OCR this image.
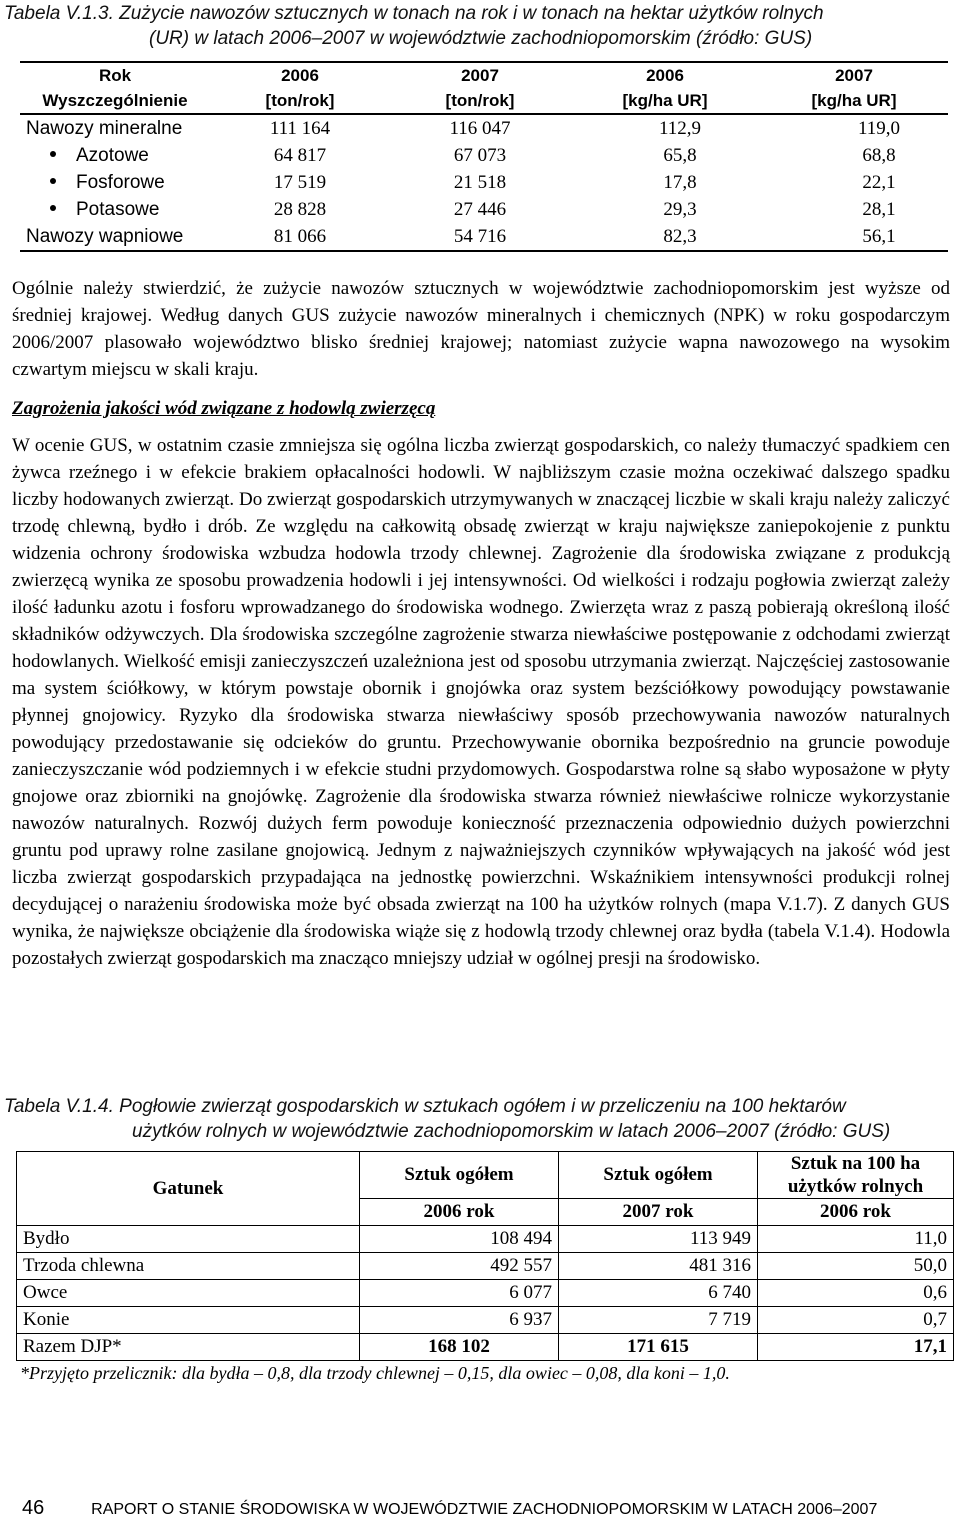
Tabela V.1.3. Zużycie nawozów sztucznych w tonach na rok i w tonach na hektar użytków rolnych
(UR) w latach 2006–2007 w województwie zachodniopomorskim (źródło: GUS)
Rok	2006	2007	2006	2007
Wyszczególnienie	[ton/rok]	[ton/rok]	[kg/ha UR]	[kg/ha UR]
Nawozy mineralne	111 164	116 047	112,9	119,0
Azotowe	64 817	67 073	65,8	68,8
Fosforowe	17 519	21 518	17,8	22,1
Potasowe	28 828	27 446	29,3	28,1
Nawozy wapniowe	81 066	54 716	82,3	56,1
Ogólnie należy stwierdzić, że zużycie nawozów sztucznych w województwie zachodniopomorskim jest wyższe od średniej krajowej. Według danych GUS zużycie nawozów mineralnych i chemicznych (NPK) w roku gospodarczym 2006/2007 plasowało województwo blisko średniej krajowej; natomiast zużycie wapna nawozowego na wysokim czwartym miejscu w skali kraju.
Zagrożenia jakości wód związane z hodowlą zwierzęcą
W ocenie GUS, w ostatnim czasie zmniejsza się ogólna liczba zwierząt gospodarskich, co należy tłumaczyć spadkiem cen żywca rzeźnego i w efekcie brakiem opłacalności hodowli. W najbliższym czasie można oczekiwać dalszego spadku liczby hodowanych zwierząt. Do zwierząt gospodarskich utrzymywanych w znaczącej liczbie w skali kraju należy zaliczyć trzodę chlewną, bydło i drób. Ze względu na całkowitą obsadę zwierząt w kraju największe zaniepokojenie z punktu widzenia ochrony środowiska wzbudza hodowla trzody chlewnej. Zagrożenie dla środowiska związane z produkcją zwierzęcą wynika ze sposobu prowadzenia hodowli i jej intensywności. Od wielkości i rodzaju pogłowia zwierząt zależy ilość ładunku azotu i fosforu wprowadzanego do środowiska wodnego. Zwierzęta wraz z paszą pobierają określoną ilość składników odżywczych. Dla środowiska szczególne zagrożenie stwarza niewłaściwe postępowanie z odchodami zwierząt hodowlanych. Wielkość emisji zanieczyszczeń uzależniona jest od sposobu utrzymania zwierząt. Najczęściej zastosowanie ma system ściółkowy, w którym powstaje obornik i gnojówka oraz system bezściółkowy powodujący powstawanie płynnej gnojowicy. Ryzyko dla środowiska stwarza niewłaściwy sposób przechowywania nawozów naturalnych powodujący przedostawanie się odcieków do gruntu. Przechowywanie obornika bezpośrednio na gruncie powoduje zanieczyszczanie wód podziemnych i w efekcie studni przydomowych. Gospodarstwa rolne są słabo wyposażone w płyty gnojowe oraz zbiorniki na gnojówkę. Zagrożenie dla środowiska stwarza również niewłaściwe rolnicze wykorzystanie nawozów naturalnych. Rozwój dużych ferm powoduje konieczność przeznaczenia odpowiednio dużych powierzchni gruntu pod uprawy rolne zasilane gnojowicą. Jednym z najważniejszych czynników wpływających na jakość wód jest liczba zwierząt gospodarskich przypadająca na jednostkę powierzchni. Wskaźnikiem intensywności produkcji rolnej decydującej o narażeniu środowiska może być obsada zwierząt na 100 ha użytków rolnych (mapa V.1.7). Z danych GUS wynika, że największe obciążenie dla środowiska wiąże się z hodowlą trzody chlewnej oraz bydła (tabela V.1.4). Hodowla pozostałych zwierząt gospodarskich ma znacząco mniejszy udział w ogólnej presji na środowisko.
Tabela V.1.4. Pogłowie zwierząt gospodarskich w sztukach ogółem i w przeliczeniu na 100 hektarów
użytków rolnych w województwie zachodniopomorskim w latach 2006–2007 (źródło: GUS)
Gatunek	Sztuk ogółem	Sztuk ogółem	Sztuk na 100 ha
użytków rolnych
	2006 rok	2007 rok	2006 rok
Bydło	108 494	113 949	11,0
Trzoda chlewna	492 557	481 316	50,0
Owce	6 077	6 740	0,6
Konie	6 937	7 719	0,7
Razem DJP*	168 102	171 615	17,1
*Przyjęto przelicznik: dla bydła – 0,8, dla trzody chlewnej – 0,15, dla owiec – 0,08, dla koni – 1,0.
46	RAPORT O STANIE ŚRODOWISKA W WOJEWÓDZTWIE ZACHODNIOPOMORSKIM W LATACH 2006–2007
